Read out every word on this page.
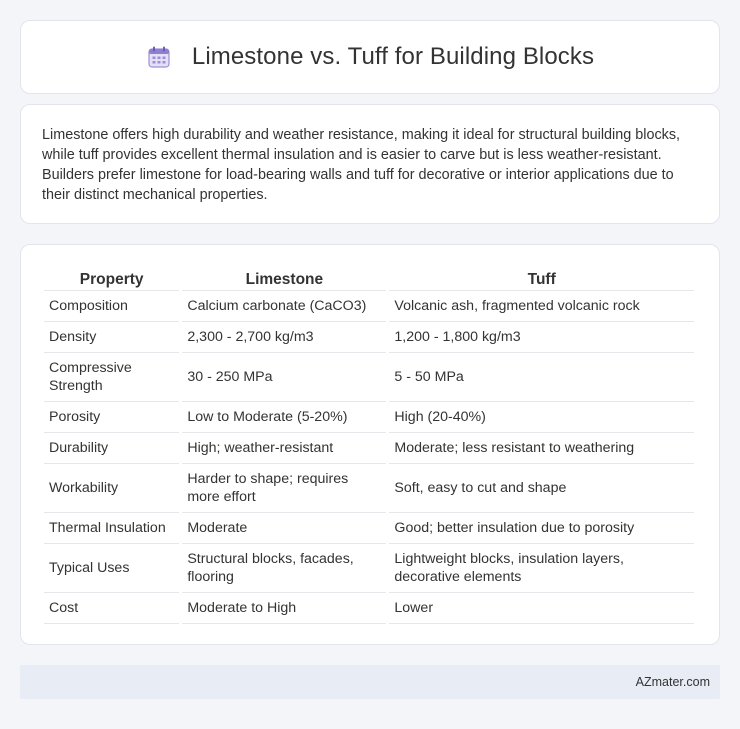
Limestone vs. Tuff for Building Blocks

Limestone offers high durability and weather resistance, making it ideal for structural building blocks, while tuff provides excellent thermal insulation and is easier to carve but is less weather-resistant. Builders prefer limestone for load-bearing walls and tuff for decorative or interior applications due to their distinct mechanical properties.

Property	Limestone	Tuff
Composition	Calcium carbonate (CaCO3)	Volcanic ash, fragmented volcanic rock
Density	2,300 - 2,700 kg/m3	1,200 - 1,800 kg/m3
Compressive Strength	30 - 250 MPa	5 - 50 MPa
Porosity	Low to Moderate (5-20%)	High (20-40%)
Durability	High; weather-resistant	Moderate; less resistant to weathering
Workability	Harder to shape; requires more effort	Soft, easy to cut and shape
Thermal Insulation	Moderate	Good; better insulation due to porosity
Typical Uses	Structural blocks, facades, flooring	Lightweight blocks, insulation layers, decorative elements
Cost	Moderate to High	Lower
AZmater.com
